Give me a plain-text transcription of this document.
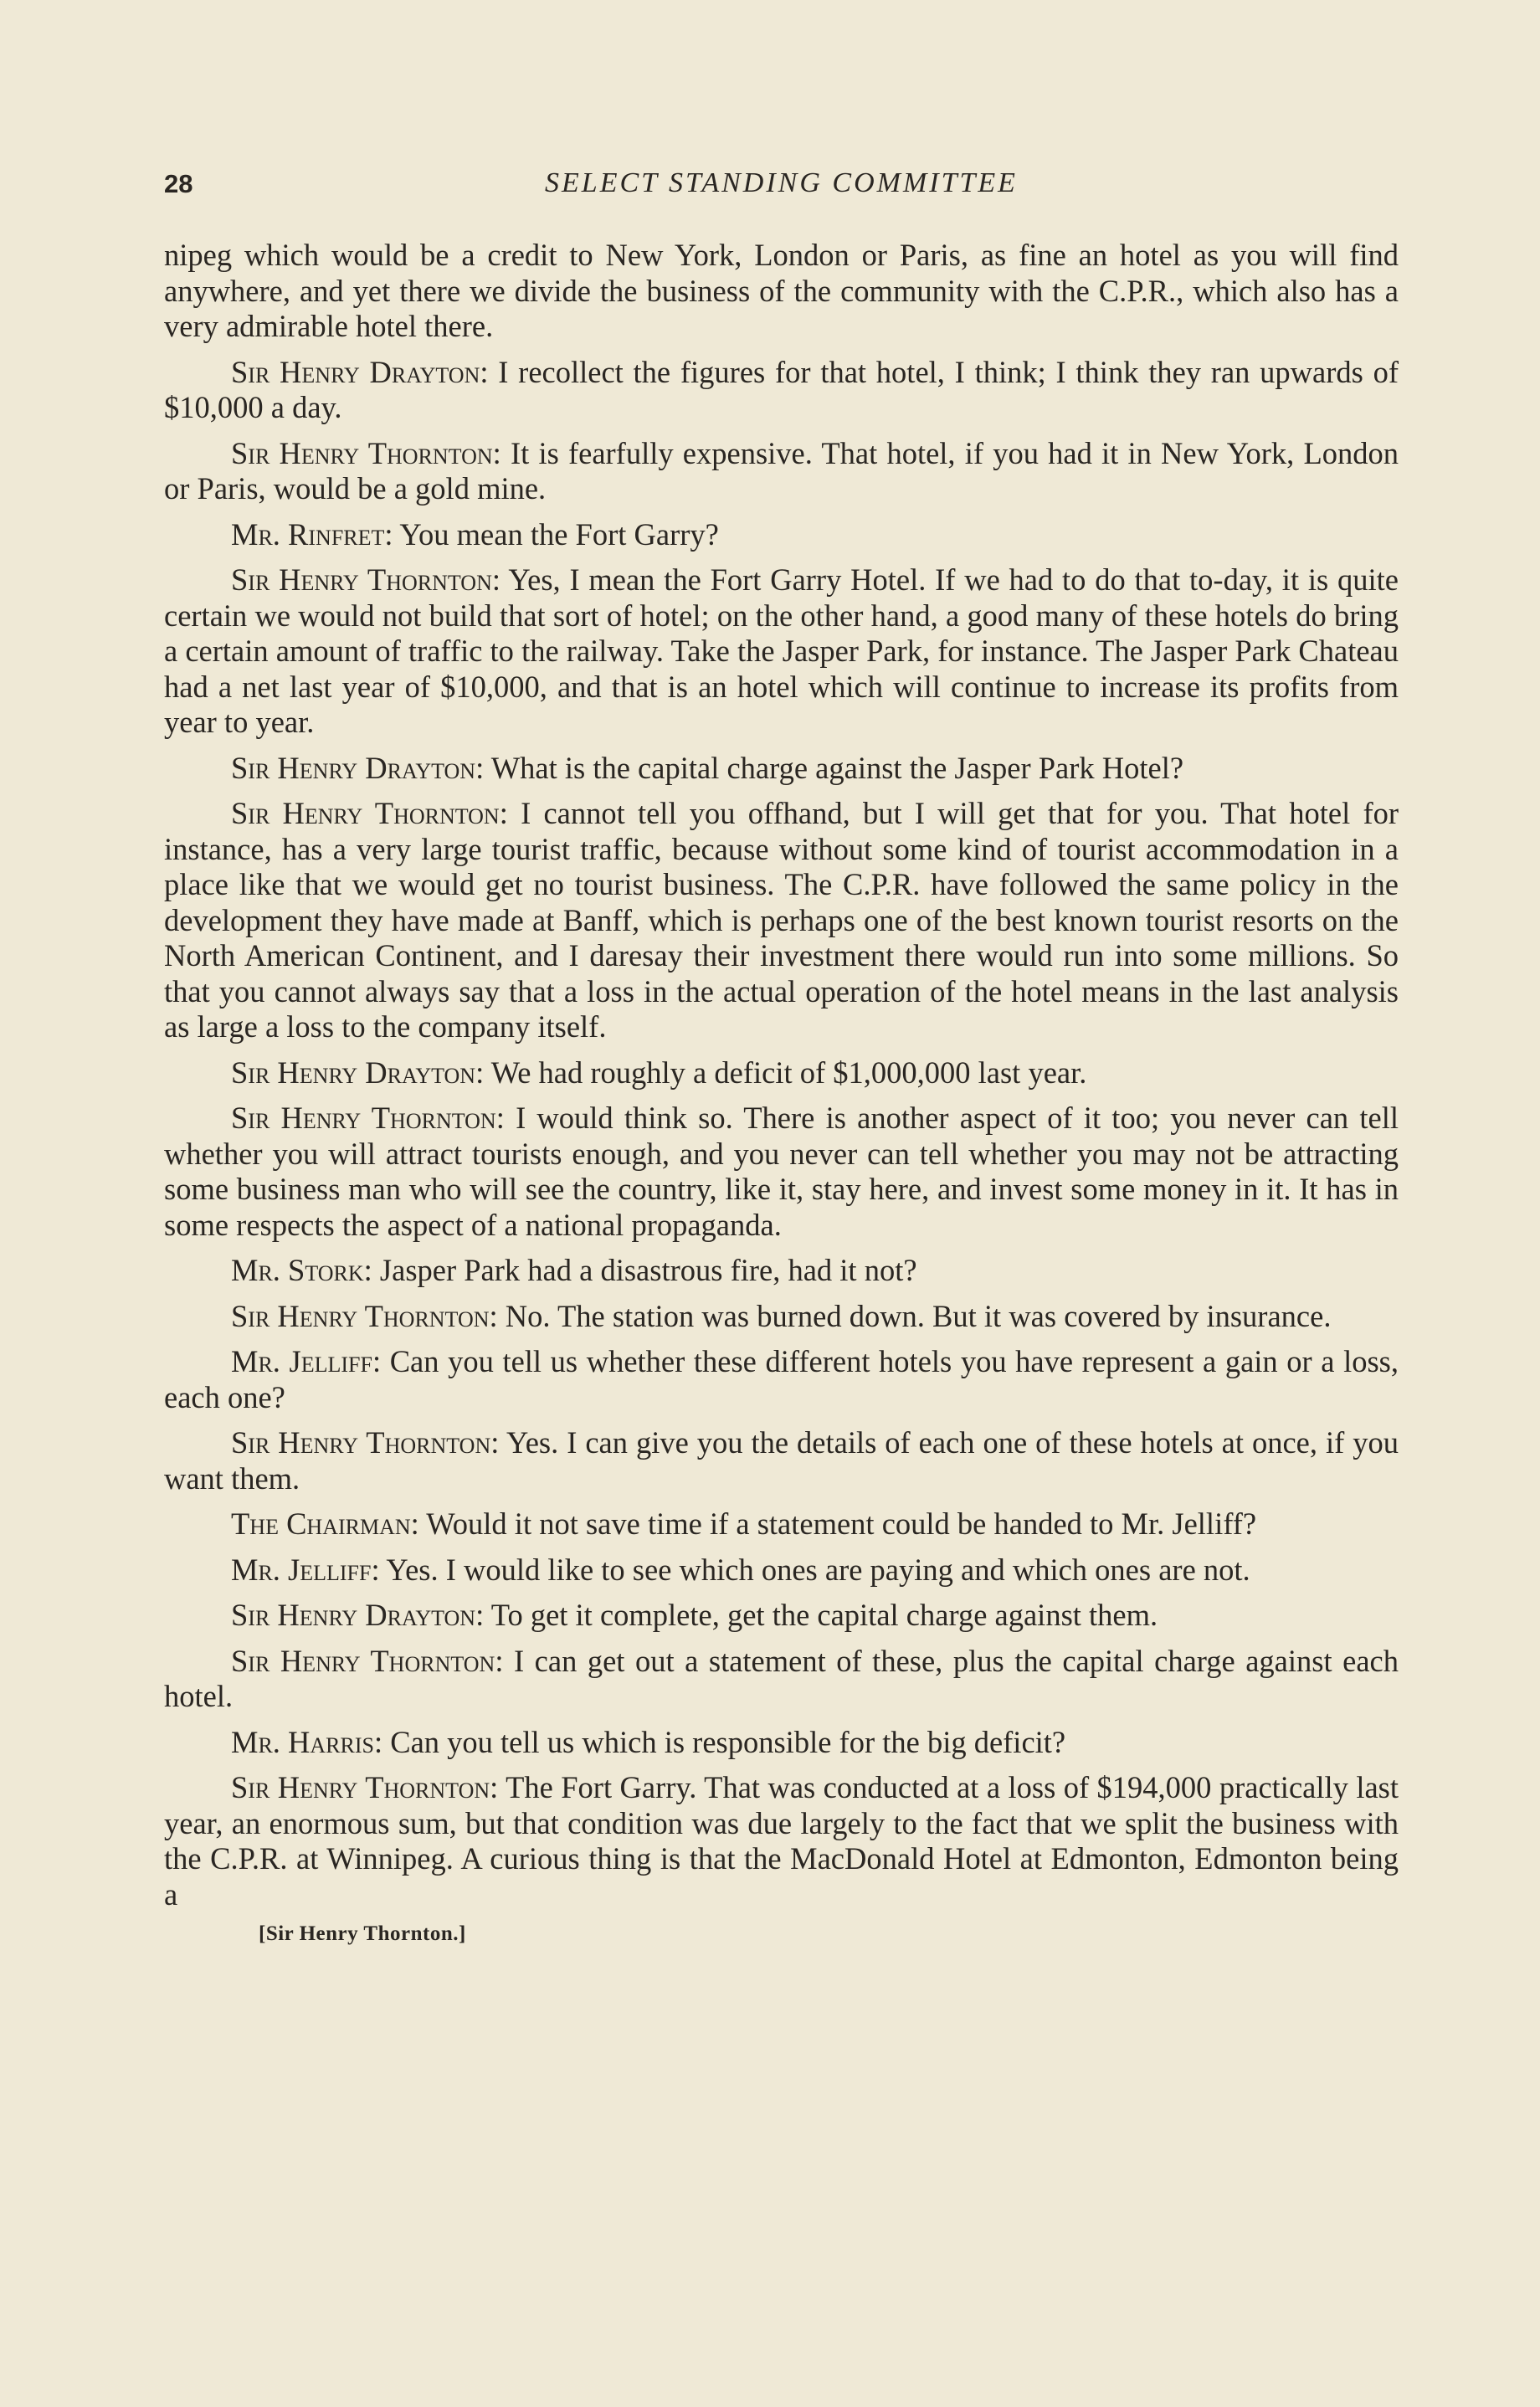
28	SELECT STANDING COMMITTEE

nipeg which would be a credit to New York, London or Paris, as fine an hotel as you will find anywhere, and yet there we divide the business of the community with the C.P.R., which also has a very admirable hotel there.

Sir Henry Drayton: I recollect the figures for that hotel, I think; I think they ran upwards of $10,000 a day.

Sir Henry Thornton: It is fearfully expensive. That hotel, if you had it in New York, London or Paris, would be a gold mine.

Mr. Rinfret: You mean the Fort Garry?

Sir Henry Thornton: Yes, I mean the Fort Garry Hotel. If we had to do that to-day, it is quite certain we would not build that sort of hotel; on the other hand, a good many of these hotels do bring a certain amount of traffic to the railway. Take the Jasper Park, for instance. The Jasper Park Chateau had a net last year of $10,000, and that is an hotel which will continue to increase its profits from year to year.

Sir Henry Drayton: What is the capital charge against the Jasper Park Hotel?

Sir Henry Thornton: I cannot tell you offhand, but I will get that for you. That hotel for instance, has a very large tourist traffic, because without some kind of tourist accommodation in a place like that we would get no tourist business. The C.P.R. have followed the same policy in the development they have made at Banff, which is perhaps one of the best known tourist resorts on the North American Continent, and I daresay their investment there would run into some millions. So that you cannot always say that a loss in the actual operation of the hotel means in the last analysis as large a loss to the company itself.

Sir Henry Drayton: We had roughly a deficit of $1,000,000 last year.

Sir Henry Thornton: I would think so. There is another aspect of it too; you never can tell whether you will attract tourists enough, and you never can tell whether you may not be attracting some business man who will see the country, like it, stay here, and invest some money in it. It has in some respects the aspect of a national propaganda.

Mr. Stork: Jasper Park had a disastrous fire, had it not?

Sir Henry Thornton: No. The station was burned down. But it was covered by insurance.

Mr. Jelliff: Can you tell us whether these different hotels you have represent a gain or a loss, each one?

Sir Henry Thornton: Yes. I can give you the details of each one of these hotels at once, if you want them.

The Chairman: Would it not save time if a statement could be handed to Mr. Jelliff?

Mr. Jelliff: Yes. I would like to see which ones are paying and which ones are not.

Sir Henry Drayton: To get it complete, get the capital charge against them.

Sir Henry Thornton: I can get out a statement of these, plus the capital charge against each hotel.

Mr. Harris: Can you tell us which is responsible for the big deficit?

Sir Henry Thornton: The Fort Garry. That was conducted at a loss of $194,000 practically last year, an enormous sum, but that condition was due largely to the fact that we split the business with the C.P.R. at Winnipeg. A curious thing is that the MacDonald Hotel at Edmonton, Edmonton being a

[Sir Henry Thornton.]
